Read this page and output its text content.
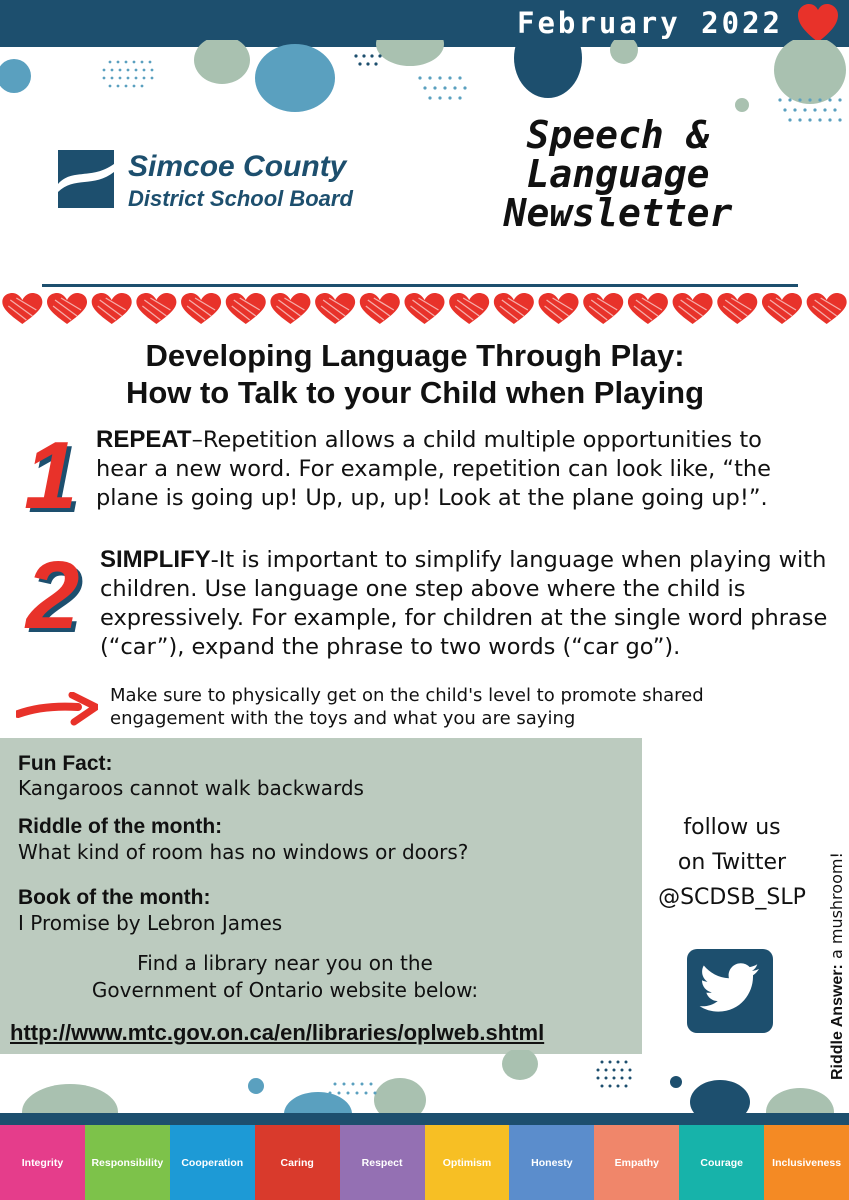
February 2022
Simcoe County
District School Board
Speech & Language Newsletter
Developing Language Through Play:
How to Talk to your Child when Playing
1 REPEAT–Repetition allows a child multiple opportunities to hear a new word. For example, repetition can look like, “the plane is going up! Up, up, up! Look at the plane going up!”.
2 SIMPLIFY-It is important to simplify language when playing with children. Use language one step above where the child is expressively. For example, for children at the single word phrase (“car”), expand the phrase to two words (“car go”).
Make sure to physically get on the child's level to promote shared engagement with the toys and what you are saying
Fun Fact:
Kangaroos cannot walk backwards
Riddle of the month:
What kind of room has no windows or doors?
Book of the month:
I Promise by Lebron James
Find a library near you on the
Government of Ontario website below:
http://www.mtc.gov.on.ca/en/libraries/oplweb.shtml
follow us
on Twitter
@SCDSB_SLP
Riddle Answer: a mushroom!
Integrity	Responsibility	Cooperation	Caring	Respect	Optimism	Honesty	Empathy	Courage	Inclusiveness
